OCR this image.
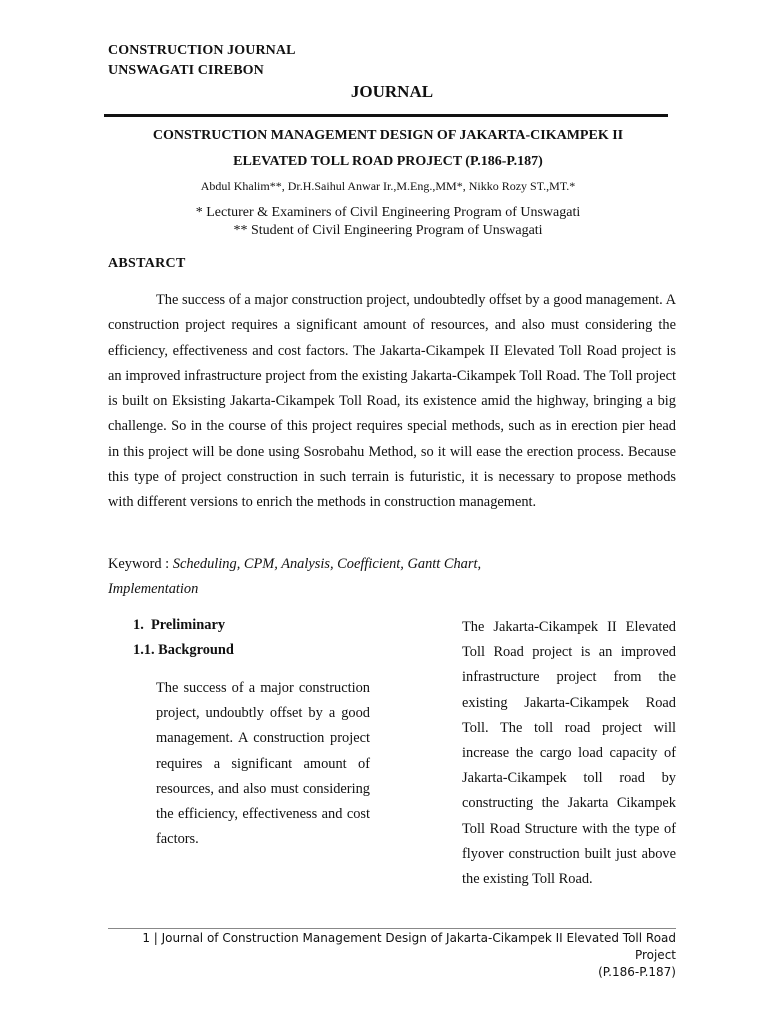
CONSTRUCTION JOURNAL
UNSWAGATI CIREBON
JOURNAL
CONSTRUCTION MANAGEMENT DESIGN OF JAKARTA-CIKAMPEK II
ELEVATED TOLL ROAD PROJECT (P.186-P.187)
Abdul Khalim**, Dr.H.Saihul Anwar Ir.,M.Eng.,MM*, Nikko Rozy ST.,MT.*
* Lecturer & Examiners of Civil Engineering Program of Unswagati
** Student of Civil Engineering Program of Unswagati
ABSTARCT

The success of a major construction project, undoubtedly offset by a good management. A construction project requires a significant amount of resources, and also must considering the efficiency, effectiveness and cost factors. The Jakarta-Cikampek II Elevated Toll Road project is an improved infrastructure project from the existing Jakarta-Cikampek Toll Road. The Toll project is built on Eksisting Jakarta-Cikampek Toll Road, its existence amid the highway, bringing a big challenge. So in the course of this project requires special methods, such as in erection pier head in this project will be done using Sosrobahu Method, so it will ease the erection process. Because this type of project construction in such terrain is futuristic, it is necessary to propose methods with different versions to enrich the methods in construction management.

Keyword : Scheduling, CPM, Analysis, Coefficient, Gantt Chart,
Implementation
1.  Preliminary
1.1. Background

The success of a major construction project, undoubtly offset by a good management. A construction project requires a significant amount of resources, and also must considering the efficiency, effectiveness and cost factors.

The Jakarta-Cikampek II Elevated Toll Road project is an improved infrastructure project from the existing Jakarta-Cikampek Road Toll. The toll road project will increase the cargo load capacity of Jakarta-Cikampek toll road by constructing the Jakarta Cikampek Toll Road Structure with the type of flyover construction built just above the existing Toll Road.

1 | Journal of Construction Management Design of Jakarta-Cikampek II Elevated Toll Road Project
(P.186-P.187)
